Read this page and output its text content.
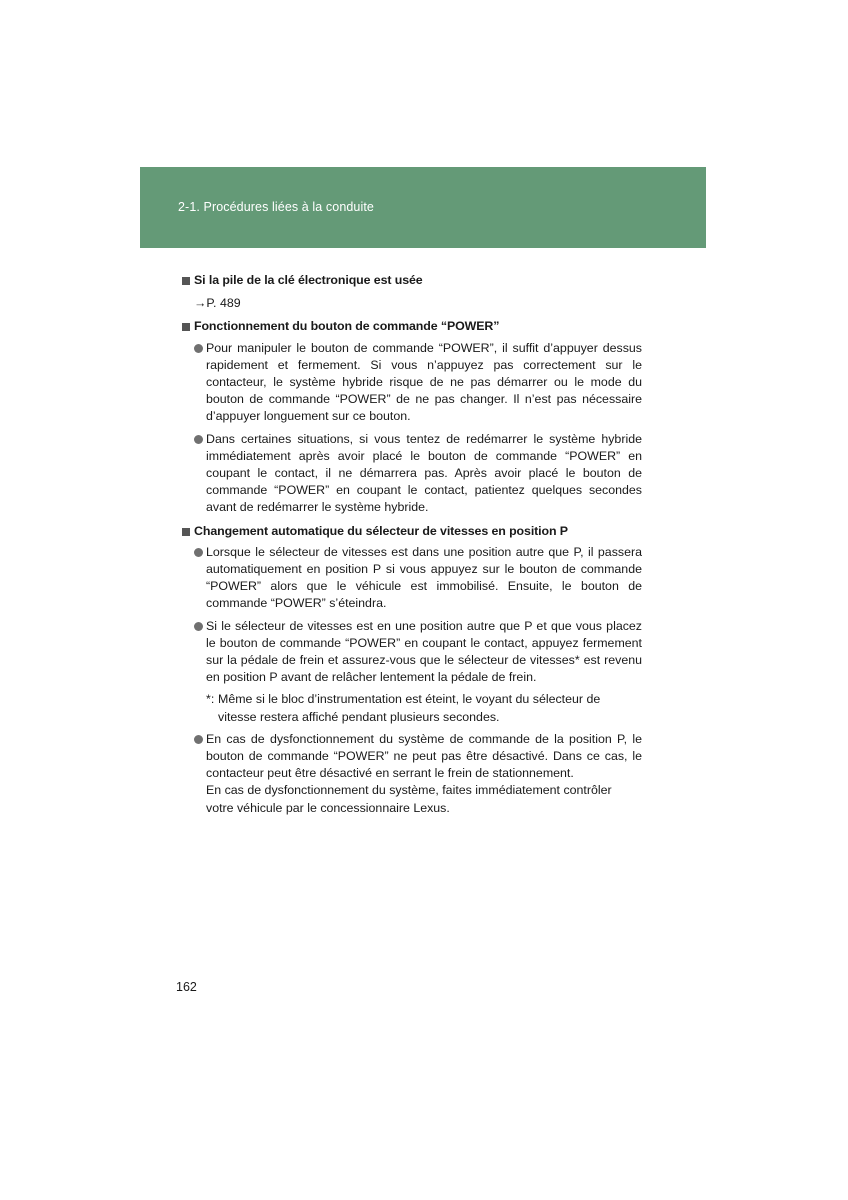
2-1. Procédures liées à la conduite
Si la pile de la clé électronique est usée
→P. 489
Fonctionnement du bouton de commande “POWER”
Pour manipuler le bouton de commande “POWER”, il suffit d’appuyer dessus rapidement et fermement. Si vous n’appuyez pas correctement sur le contacteur, le système hybride risque de ne pas démarrer ou le mode du bouton de commande “POWER” de ne pas changer. Il n’est pas nécessaire d’appuyer longuement sur ce bouton.
Dans certaines situations, si vous tentez de redémarrer le système hybride immédiatement après avoir placé le bouton de commande “POWER” en coupant le contact, il ne démarrera pas. Après avoir placé le bouton de commande “POWER” en coupant le contact, patientez quelques secondes avant de redémarrer le système hybride.
Changement automatique du sélecteur de vitesses en position P
Lorsque le sélecteur de vitesses est dans une position autre que P, il passera automatiquement en position P si vous appuyez sur le bouton de commande “POWER” alors que le véhicule est immobilisé. Ensuite, le bouton de commande “POWER” s’éteindra.
Si le sélecteur de vitesses est en une position autre que P et que vous placez le bouton de commande “POWER” en coupant le contact, appuyez fermement sur la pédale de frein et assurez-vous que le sélecteur de vitesses* est revenu en position P avant de relâcher lentement la pédale de frein.
*: Même si le bloc d’instrumentation est éteint, le voyant du sélecteur de vitesse restera affiché pendant plusieurs secondes.
En cas de dysfonctionnement du système de commande de la position P, le bouton de commande “POWER” ne peut pas être désactivé. Dans ce cas, le contacteur peut être désactivé en serrant le frein de stationnement.
En cas de dysfonctionnement du système, faites immédiatement contrôler votre véhicule par le concessionnaire Lexus.
162
